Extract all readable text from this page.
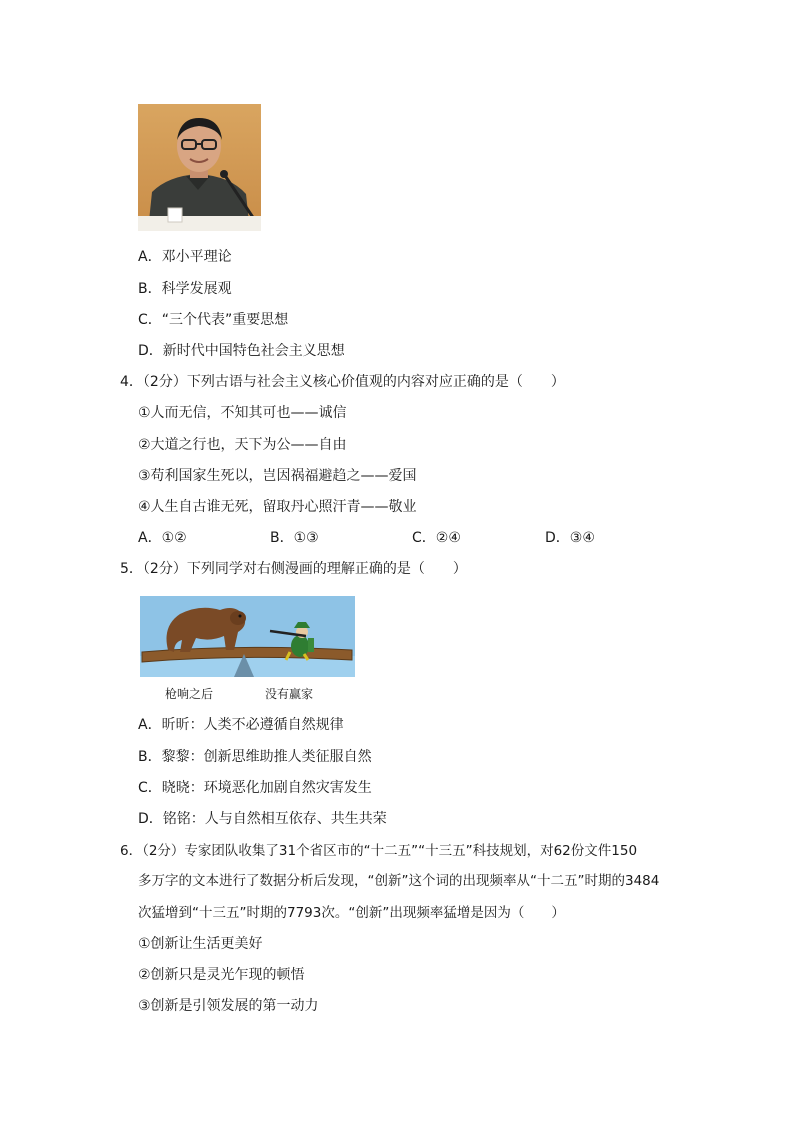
A．邓小平理论
B．科学发展观
C．“三个代表”重要思想
D．新时代中国特色社会主义思想
4．（2分）下列古语与社会主义核心价值观的内容对应正确的是（　　）
①人而无信，不知其可也——诚信
②大道之行也，天下为公——自由
③苟利国家生死以，岂因祸福避趋之——爱国
④人生自古谁无死，留取丹心照汗青——敬业
A．①②	B．①③	C．②④	D．③④
5．（2分）下列同学对右侧漫画的理解正确的是（　　）
枪响之后	没有赢家
A．昕昕：人类不必遵循自然规律
B．黎黎：创新思维助推人类征服自然
C．晓晓：环境恶化加剧自然灾害发生
D．铭铭：人与自然相互依存、共生共荣
6．（2分）专家团队收集了31个省区市的“十二五”“十三五”科技规划，对62份文件150
多万字的文本进行了数据分析后发现，“创新”这个词的出现频率从“十二五”时期的3484
次猛增到“十三五”时期的7793次。“创新”出现频率猛增是因为（　　）
①创新让生活更美好
②创新只是灵光乍现的顿悟
③创新是引领发展的第一动力
